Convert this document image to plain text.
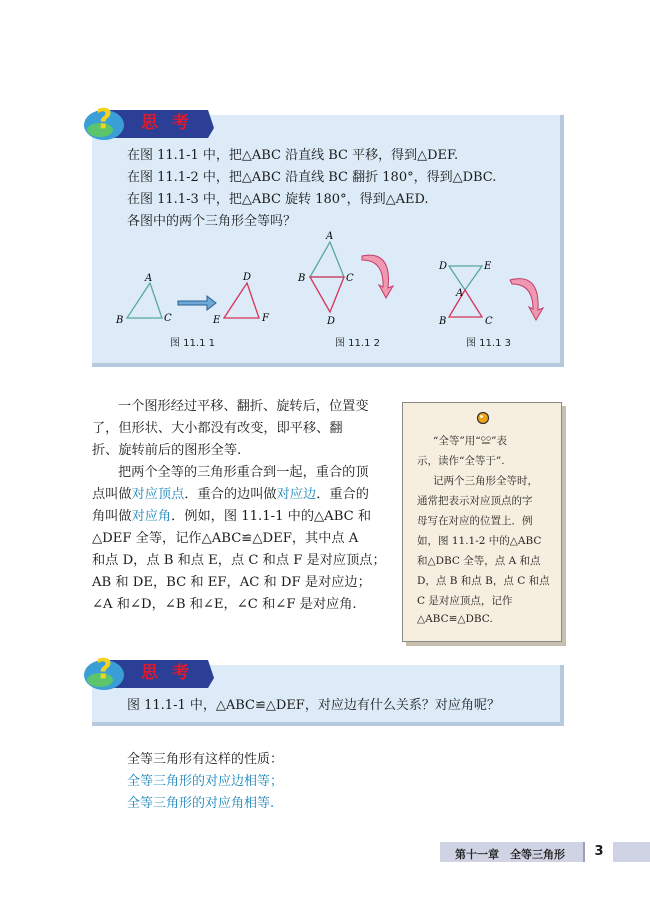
?	思 考
在图 11.1-1 中，把△ABC 沿直线 BC 平移，得到△DEF.
在图 11.1-2 中，把△ABC 沿直线 BC 翻折 180°，得到△DBC.
在图 11.1-3 中，把△ABC 旋转 180°，得到△AED.
各图中的两个三角形全等吗？
A
B	C
D
E	F
图 11.1 1
A
B	C
D
图 11.1 2
D	E
A
B	C
图 11.1 3

一个图形经过平移、翻折、旋转后，位置变

了，但形状、大小都没有改变，即平移、翻

折、旋转前后的图形全等.

把两个全等的三角形重合到一起，重合的顶

点叫做对应顶点．重合的边叫做对应边．重合的

角叫做对应角．例如，图 11.1-1 中的△ABC 和

△DEF 全等，记作△ABC≌△DEF，其中点 A

和点 D，点 B 和点 E，点 C 和点 F 是对应顶点；

AB 和 DE，BC 和 EF，AC 和 DF 是对应边；

∠A 和∠D，∠B 和∠E，∠C 和∠F 是对应角.

“全等”用“≌”表
示，读作“全等于”.
记两个三角形全等时，
通常把表示对应顶点的字
母写在对应的位置上．例
如，图 11.1-2 中的△ABC
和△DBC 全等，点 A 和点
D，点 B 和点 B，点 C 和点
C 是对应顶点，记作
△ABC≌△DBC.
?	思 考
图 11.1-1 中，△ABC≌△DEF，对应边有什么关系？对应角呢？
全等三角形有这样的性质：
全等三角形的对应边相等；
全等三角形的对应角相等.
第十一章　全等三角形	3
